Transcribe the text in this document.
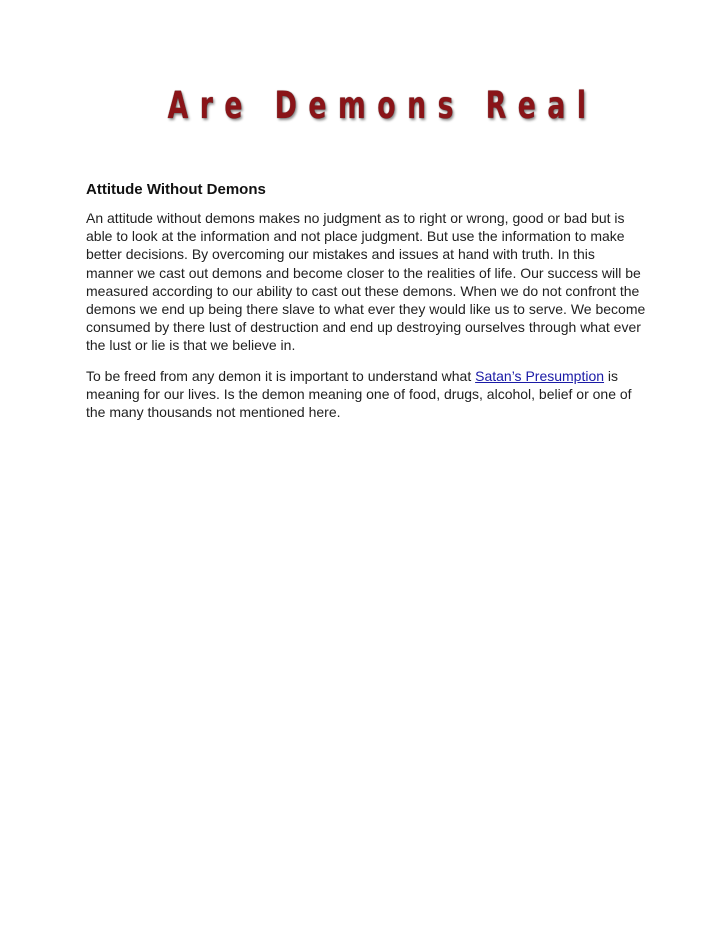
Are Demons Real
Attitude Without Demons

An attitude without demons makes no judgment as to right or wrong, good or bad but is able to look at the information and not place judgment. But use the information to make better decisions. By overcoming our mistakes and issues at hand with truth. In this manner we cast out demons and become closer to the realities of life. Our success will be measured according to our ability to cast out these demons. When we do not confront the demons we end up being there slave to what ever they would like us to serve. We become consumed by there lust of destruction and end up destroying ourselves through what ever the lust or lie is that we believe in.

To be freed from any demon it is important to understand what Satan’s Presumption is meaning for our lives. Is the demon meaning one of food, drugs, alcohol, belief or one of the many thousands not mentioned here.
